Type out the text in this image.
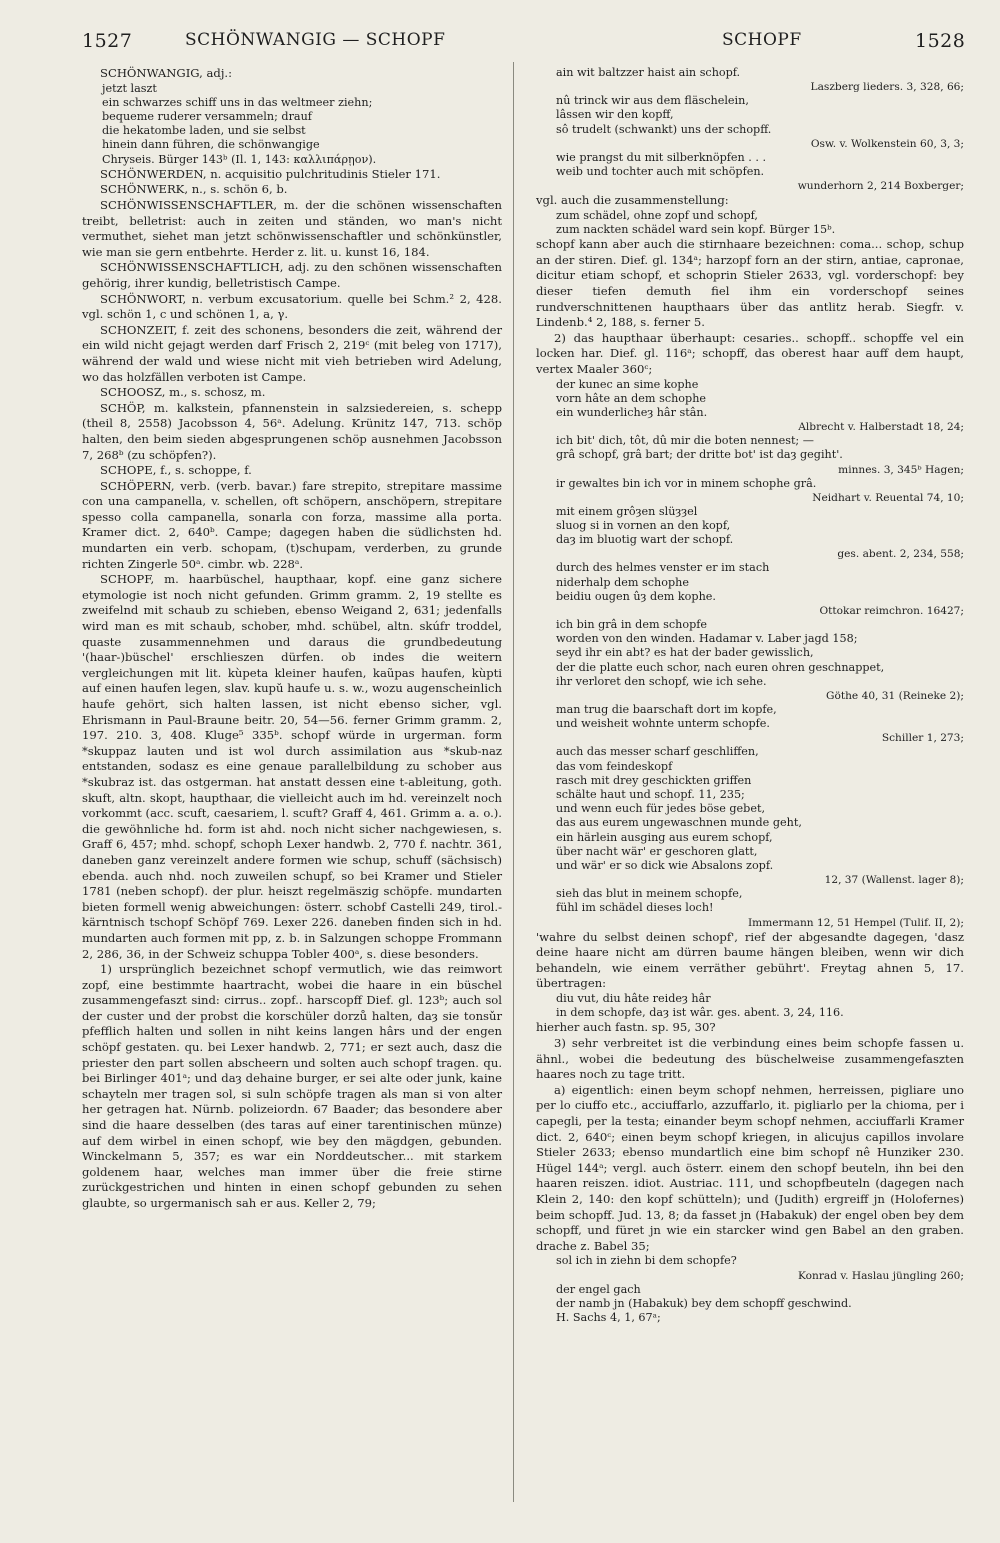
1527	SCHÖNWANGIG — SCHOPF	SCHOPF	1528

SCHÖNWANGIG, adj.:

jetzt laszt
ein schwarzes schiff uns in das weltmeer ziehn;
bequeme ruderer versammeln; drauf
die hekatombe laden, und sie selbst
hinein dann führen, die schönwangige
Chryseis. Bürger 143ᵇ (Il. 1, 143: καλλιπάρῃον).

SCHÖNWERDEN, n. acquisitio pulchritudinis Stieler 171.

SCHÖNWERK, n., s. schön 6, b.

SCHÖNWISSENSCHAFTLER, m. der die schönen wissenschaften treibt, belletrist: auch in zeiten und ständen, wo man's nicht vermuthet, siehet man jetzt schönwissenschaftler und schönkünstler, wie man sie gern entbehrte. Herder z. lit. u. kunst 16, 184.

SCHÖNWISSENSCHAFTLICH, adj. zu den schönen wissenschaften gehörig, ihrer kundig, belletristisch Campe.

SCHÖNWORT, n. verbum excusatorium. quelle bei Schm.² 2, 428. vgl. schön 1, c und schönen 1, a, γ.

SCHONZEIT, f. zeit des schonens, besonders die zeit, während der ein wild nicht gejagt werden darf Frisch 2, 219ᶜ (mit beleg von 1717), während der wald und wiese nicht mit vieh betrieben wird Adelung, wo das holzfällen verboten ist Campe.

SCHOOSZ, m., s. schosz, m.

SCHÖP, m. kalkstein, pfannenstein in salzsiedereien, s. schepp (theil 8, 2558) Jacobsson 4, 56ᵃ. Adelung. Krünitz 147, 713. schöp halten, den beim sieden abgesprungenen schöp ausnehmen Jacobsson 7, 268ᵇ (zu schöpfen?).

SCHOPE, f., s. schoppe, f.

SCHÖPERN, verb. (verb. bavar.) fare strepito, strepitare massime con una campanella, v. schellen, oft schöpern, anschöpern, strepitare spesso colla campanella, sonarla con forza, massime alla porta. Kramer dict. 2, 640ᵇ. Campe; dagegen haben die südlichsten hd. mundarten ein verb. schopam, (t)schupam, verderben, zu grunde richten Zingerle 50ᵃ. cimbr. wb. 228ᵃ.

SCHOPF, m. haarbüschel, haupthaar, kopf. eine ganz sichere etymologie ist noch nicht gefunden. Grimm gramm. 2, 19 stellte es zweifelnd mit schaub zu schieben, ebenso Weigand 2, 631; jedenfalls wird man es mit schaub, schober, mhd. schübel, altn. skúfr troddel, quaste zusammennehmen und daraus die grundbedeutung '(haar-)büschel' erschlieszen dürfen. ob indes die weitern vergleichungen mit lit. kùpeta kleiner haufen, kaũpas haufen, kùpti auf einen haufen legen, slav. kupŭ haufe u. s. w., wozu augenscheinlich haufe gehört, sich halten lassen, ist nicht ebenso sicher, vgl. Ehrismann in Paul-Braune beitr. 20, 54—56. ferner Grimm gramm. 2, 197. 210. 3, 408. Kluge⁵ 335ᵇ. schopf würde in urgerman. form *skuppaz lauten und ist wol durch assimilation aus *skub-naz entstanden, sodasz es eine genaue parallelbildung zu schober aus *skubraz ist. das ostgerman. hat anstatt dessen eine t-ableitung, goth. skuft, altn. skopt, haupthaar, die vielleicht auch im hd. vereinzelt noch vorkommt (acc. scuft, caesariem, l. scuft? Graff 4, 461. Grimm a. a. o.). die gewöhnliche hd. form ist ahd. noch nicht sicher nachgewiesen, s. Graff 6, 457; mhd. schopf, schoph Lexer handwb. 2, 770 f. nachtr. 361, daneben ganz vereinzelt andere formen wie schup, schuff (sächsisch) ebenda. auch nhd. noch zuweilen schupf, so bei Kramer und Stieler 1781 (neben schopf). der plur. heiszt regelmäszig schöpfe. mundarten bieten formell wenig abweichungen: österr. schobf Castelli 249, tirol.-kärntnisch tschopf Schöpf 769. Lexer 226. daneben finden sich in hd. mundarten auch formen mit pp, z. b. in Salzungen schoppe Frommann 2, 286, 36, in der Schweiz schuppa Tobler 400ᵃ, s. diese besonders.

1) ursprünglich bezeichnet schopf vermutlich, wie das reimwort zopf, eine bestimmte haartracht, wobei die haare in ein büschel zusammengefaszt sind: cirrus.. zopf.. harscopff Dief. gl. 123ᵇ; auch sol der custer und der probst die korschüler dorzů halten, daȝ sie tonsǔr pfefflich halten und sollen in niht keins langen hârs und der engen schöpf gestaten. qu. bei Lexer handwb. 2, 771; er sezt auch, dasz die priester den part sollen abscheern und solten auch schopf tragen. qu. bei Birlinger 401ᵃ; und daȝ dehaine burger, er sei alte oder junk, kaine schayteln mer tragen sol, si suln schöpfe tragen als man si von alter her getragen hat. Nürnb. polizeiordn. 67 Baader; das besondere aber sind die haare desselben (des taras auf einer tarentinischen münze) auf dem wirbel in einen schopf, wie bey den mägdgen, gebunden. Winckelmann 5, 357; es war ein Norddeutscher... mit starkem goldenem haar, welches man immer über die freie stirne zurückgestrichen und hinten in einen schopf gebunden zu sehen glaubte, so urgermanisch sah er aus. Keller 2, 79;

ain wit baltzzer haist ain schopf.

Laszberg lieders. 3, 328, 66;

nû trinck wir aus dem fläschelein,
lâssen wir den kopff,
sô trudelt (schwankt) uns der schopff.

Osw. v. Wolkenstein 60, 3, 3;

wie prangst du mit silberknöpfen . . .
weib und tochter auch mit schöpfen.

wunderhorn 2, 214 Boxberger;

vgl. auch die zusammenstellung:

zum schädel, ohne zopf und schopf,
zum nackten schädel ward sein kopf. Bürger 15ᵇ.

schopf kann aber auch die stirnhaare bezeichnen: coma... schop, schup an der stiren. Dief. gl. 134ᵃ; harzopf forn an der stirn, antiae, capronae, dicitur etiam schopf, et schoprin Stieler 2633, vgl. vorderschopf: bey dieser tiefen demuth fiel ihm ein vorderschopf seines rundverschnittenen haupthaars über das antlitz herab. Siegfr. v. Lindenb.⁴ 2, 188, s. ferner 5.

2) das haupthaar überhaupt: cesaries.. schopff.. schopffe vel ein locken har. Dief. gl. 116ᵃ; schopff, das oberest haar auff dem haupt, vertex Maaler 360ᶜ;

der kunec an sime kophe
vorn hâte an dem schophe
ein wunderlicheȝ hâr stân.

Albrecht v. Halberstadt 18, 24;

ich bit' dich, tôt, dû mir die boten nennest; —
grâ schopf, grâ bart; der dritte bot' ist daȝ gegiht'.

minnes. 3, 345ᵇ Hagen;

ir gewaltes bin ich vor in minem schophe grâ.

Neidhart v. Reuental 74, 10;

mit einem grôȝen slüȝȝel
sluog si in vornen an den kopf,
daȝ im bluotig wart der schopf.

ges. abent. 2, 234, 558;

durch des helmes venster er im stach
niderhalp dem schophe
beidiu ougen ûȝ dem kophe.

Ottokar reimchron. 16427;

ich bin grâ in dem schopfe
worden von den winden. Hadamar v. Laber jagd 158;

seyd ihr ein abt? es hat der bader gewisslich,
der die platte euch schor, nach euren ohren geschnappet,
ihr verloret den schopf, wie ich sehe.

Göthe 40, 31 (Reineke 2);

man trug die baarschaft dort im kopfe,
und weisheit wohnte unterm schopfe.

Schiller 1, 273;

auch das messer scharf geschliffen,
das vom feindeskopf
rasch mit drey geschickten griffen
schälte haut und schopf. 11, 235;

und wenn euch für jedes böse gebet,
das aus eurem ungewaschnen munde geht,
ein härlein ausging aus eurem schopf,
über nacht wär' er geschoren glatt,
und wär' er so dick wie Absalons zopf.

12, 37 (Wallenst. lager 8);

sieh das blut in meinem schopfe,
fühl im schädel dieses loch!

Immermann 12, 51 Hempel (Tulif. II, 2);

'wahre du selbst deinen schopf', rief der abgesandte dagegen, 'dasz deine haare nicht am dürren baume hängen bleiben, wenn wir dich behandeln, wie einem verräther gebührt'. Freytag ahnen 5, 17. übertragen:

diu vut, diu hâte reideȝ hâr
in dem schopfe, daȝ ist wâr. ges. abent. 3, 24, 116.

hierher auch fastn. sp. 95, 30?

3) sehr verbreitet ist die verbindung eines beim schopfe fassen u. ähnl., wobei die bedeutung des büschelweise zusammengefaszten haares noch zu tage tritt.

a) eigentlich: einen beym schopf nehmen, herreissen, pigliare uno per lo ciuffo etc., acciuffarlo, azzuffarlo, it. pigliarlo per la chioma, per i capegli, per la testa; einander beym schopf nehmen, acciuffarli Kramer dict. 2, 640ᶜ; einen beym schopf kriegen, in alicujus capillos involare Stieler 2633; ebenso mundartlich eine bim schopf nê Hunziker 230. Hügel 144ᵃ; vergl. auch österr. einem den schopf beuteln, ihn bei den haaren reiszen. idiot. Austriac. 111, und schopfbeuteln (dagegen nach Klein 2, 140: den kopf schütteln); und (Judith) ergreiff jn (Holofernes) beim schopff. Jud. 13, 8; da fasset jn (Habakuk) der engel oben bey dem schopff, und füret jn wie ein starcker wind gen Babel an den graben. drache z. Babel 35;

sol ich in ziehn bi dem schopfe?

Konrad v. Haslau jüngling 260;

der engel gach
der namb jn (Habakuk) bey dem schopff geschwind.
H. Sachs 4, 1, 67ᵃ;
